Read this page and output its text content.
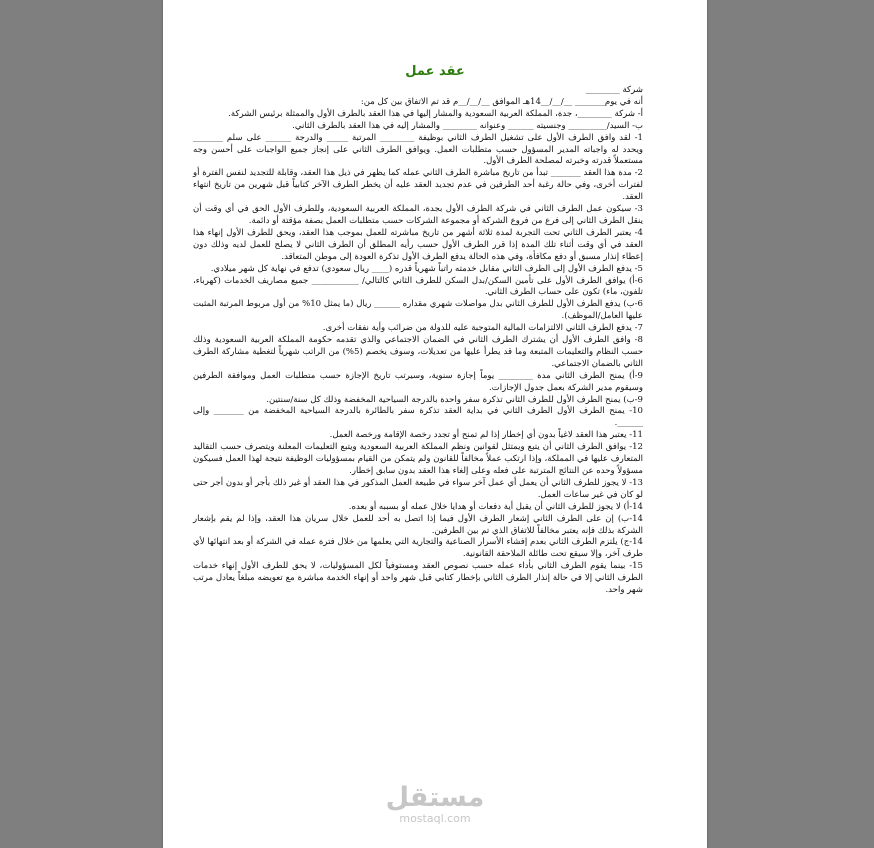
عقد عمل

شركة ________

أنه في يوم_______ __/__/__14هـ الموافق __/__/__م قد تم الاتفاق بين كل من:

أ- شركة ________، جدة، المملكة العربية السعودية والمشار إليها في هذا العقد بالطرف الأول والممثلة برئيس الشركة.

ب- السيد/_________ وجنسيته ______ وعنوانه ________ والمشار إليه في هذا العقد بالطرف الثاني.

1- لقد وافق الطرف الأول على تشغيل الطرف الثاني بوظيفة ________ المرتبة _____ والدرجة ______ على سلم _______ ويحدد له واجباته المدير المسؤول حسب متطلبات العمل. ويوافق الطرف الثاني على إنجاز جميع الواجبات على أحسن وجه مستعملاً قدرته وخبرته لمصلحة الطرف الأول.

2- مدة هذا العقد _______ تبدأ من تاريخ مباشرة الطرف الثاني عمله كما يظهر في ذيل هذا العقد، وقابلة للتجديد لنفس الفترة أو لفترات أخرى، وفي حالة رغبة أحد الطرفين في عدم تجديد العقد عليه أن يخطر الطرف الآخر كتابياً قبل شهرين من تاريخ انتهاء العقد.

3- سيكون عمل الطرف الثاني في شركة الطرف الأول بجدة، المملكة العربية السعودية، وللطرف الأول الحق في أي وقت أن ينقل الطرف الثاني إلى فرع من فروع الشركة أو مجموعة الشركات حسب متطلبات العمل بصفة مؤقتة أو دائمة.

4- يعتبر الطرف الثاني تحت التجربة لمدة ثلاثة أشهر من تاريخ مباشرته للعمل بموجب هذا العقد، ويحق للطرف الأول إنهاء هذا العقد في أي وقت أثناء تلك المدة إذا قرر الطرف الأول حسب رأيه المطلق أن الطرف الثاني لا يصلح للعمل لديه وذلك دون إعطاء إنذار مسبق أو دفع مكافأة، وفي هذه الحالة يدفع الطرف الأول تذكرة العودة إلى موطن المتعاقد.

5- يدفع الطرف الأول إلى الطرف الثاني مقابل خدمته راتباً شهرياً قدره (____ ريال سعودي) تدفع في نهاية كل شهر ميلادي.

6-أ) يوافق الطرف الأول على تأمين السكن/بدل السكن للطرف الثاني كالتالي/ ___________ جميع مصاريف الخدمات (كهرباء، تلفون، ماء) تكون على حساب الطرف الثاني.

6-ب) يدفع الطرف الأول للطرف الثاني بدل مواصلات شهري مقداره ______ ريال (ما يمثل 10% من أول مربوط المرتبة المثبت عليها العامل/الموظف).

7- يدفع الطرف الثاني الالتزامات المالية المتوجبة عليه للدولة من ضرائب وأية نفقات أخرى.

8- وافق الطرف الأول أن يشترك الطرف الثاني في الضمان الاجتماعي والذي تقدمه حكومة المملكة العربية السعودية وذلك حسب النظام والتعليمات المتبعة وما قد يطرأ عليها من تعديلات، وسوف يخصم (5%) من الراتب شهرياً لتغطية مشاركة الطرف الثاني بالضمان الاجتماعي.

9-أ) يمنح الطرف الثاني مدة ________ يوماً إجازة سنوية، وسيرتب تاريخ الإجازة حسب متطلبات العمل وموافقة الطرفين وسيقوم مدير الشركة بعمل جدول الإجازات.

9-ب) يمنح الطرف الأول للطرف الثاني تذكرة سفر واحدة بالدرجة السياحية المخفضة وذلك كل سنة/سنتين.

10- يمنح الطرف الأول الطرف الثاني في بداية العقد تذكرة سفر بالطائرة بالدرجة السياحية المخفضة من _______ وإلى ______.

11- يعتبر هذا العقد لاغياً بدون أي إخطار إذا لم تمنح أو تجدد رخصة الإقامة ورخصة العمل.

12- يوافق الطرف الثاني أن يتبع ويمتثل لقوانين ونظم المملكة العربية السعودية ويتبع التعليمات المعلنة ويتصرف حسب التقاليد المتعارف عليها في المملكة، وإذا ارتكب عملاً مخالفاً للقانون ولم يتمكن من القيام بمسؤوليات الوظيفة نتيجة لهذا العمل فسيكون مسؤولاً وحده عن النتائج المترتبة على فعله وعلى إلغاء هذا العقد بدون سابق إخطار.

13- لا يجوز للطرف الثاني أن يعمل أي عمل آخر سواء في طبيعة العمل المذكور في هذا العقد أو غير ذلك بأجر أو بدون أجر حتى لو كان في غير ساعات العمل.

14-أ) لا يجوز للطرف الثاني أن يقبل أية دفعات أو هدايا خلال عمله أو بسببه أو بعده.

14-ب) إن على الطرف الثاني إشعار الطرف الأول فيما إذا اتصل به أحد للعمل خلال سريان هذا العقد، وإذا لم يقم بإشعار الشركة بذلك فإنه يعتبر مخالفاً للاتفاق الذي تم بين الطرفين.

14-ج) يلتزم الطرف الثاني بعدم إفشاء الأسرار الصناعية والتجارية التي يعلمها من خلال فترة عمله في الشركة أو بعد انتهائها لأي طرف آخر، وإلا سيقع تحت طائلة الملاحقة القانونية.

15- بينما يقوم الطرف الثاني بأداء عمله حسب نصوص العقد ومستوفياً لكل المسؤوليات، لا يحق للطرف الأول إنهاء خدمات الطرف الثاني إلا في حالة إنذار الطرف الثاني بإخطار كتابي قبل شهر واحد أو إنهاء الخدمة مباشرة مع تعويضه مبلغاً يعادل مرتب شهر واحد.

مستقل
mostaql.com
